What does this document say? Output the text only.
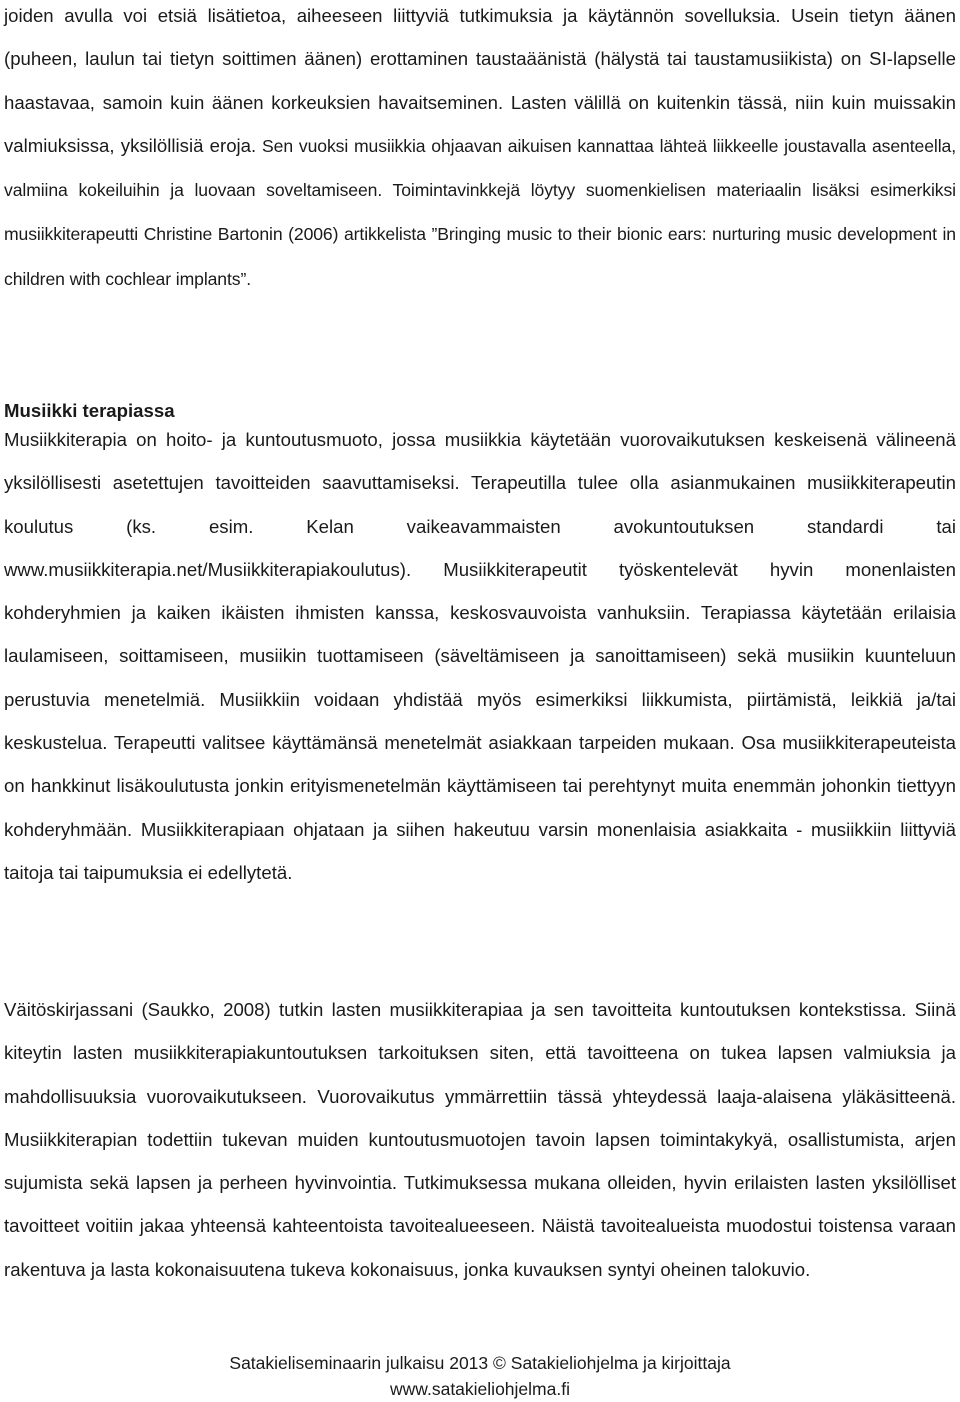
joiden avulla voi etsiä lisätietoa, aiheeseen liittyviä tutkimuksia ja käytännön sovelluksia. Usein tietyn äänen (puheen, laulun tai tietyn soittimen äänen) erottaminen taustaäänistä (hälystä tai taustamusiikista) on SI-lapselle haastavaa, samoin kuin äänen korkeuksien havaitseminen. Lasten välillä on kuitenkin tässä, niin kuin muissakin valmiuksissa, yksilöllisiä eroja. Sen vuoksi musiikkia ohjaavan aikuisen kannattaa lähteä liikkeelle joustavalla asenteella, valmiina kokeiluihin ja luovaan soveltamiseen. Toimintavinkkejä löytyy suomenkielisen materiaalin lisäksi esimerkiksi musiikkiterapeutti Christine Bartonin (2006) artikkelista ”Bringing music to their bionic ears: nurturing music development in children with cochlear implants”.

Musiikki terapiassa

Musiikkiterapia on hoito- ja kuntoutusmuoto, jossa musiikkia käytetään vuorovaikutuksen keskeisenä välineenä yksilöllisesti asetettujen tavoitteiden saavuttamiseksi. Terapeutilla tulee olla asianmukainen musiikkiterapeutin koulutus (ks. esim. Kelan vaikeavammaisten avokuntoutuksen standardi tai www.musiikkiterapia.net/Musiikkiterapiakoulutus). Musiikkiterapeutit työskentelevät hyvin monenlaisten kohderyhmien ja kaiken ikäisten ihmisten kanssa, keskosvauvoista vanhuksiin. Terapiassa käytetään erilaisia laulamiseen, soittamiseen, musiikin tuottamiseen (säveltämiseen ja sanoittamiseen) sekä musiikin kuunteluun perustuvia menetelmiä. Musiikkiin voidaan yhdistää myös esimerkiksi liikkumista, piirtämistä, leikkiä ja/tai keskustelua. Terapeutti valitsee käyttämänsä menetelmät asiakkaan tarpeiden mukaan. Osa musiikkiterapeuteista on hankkinut lisäkoulutusta jonkin erityismenetelmän käyttämiseen tai perehtynyt muita enemmän johonkin tiettyyn kohderyhmään. Musiikkiterapiaan ohjataan ja siihen hakeutuu varsin monenlaisia asiakkaita - musiikkiin liittyviä taitoja tai taipumuksia ei edellytetä.

Väitöskirjassani (Saukko, 2008) tutkin lasten musiikkiterapiaa ja sen tavoitteita kuntoutuksen kontekstissa. Siinä kiteytin lasten musiikkiterapiakuntoutuksen tarkoituksen siten, että tavoitteena on tukea lapsen valmiuksia ja mahdollisuuksia vuorovaikutukseen. Vuorovaikutus ymmärrettiin tässä yhteydessä laaja-alaisena yläkäsitteenä. Musiikkiterapian todettiin tukevan muiden kuntoutusmuotojen tavoin lapsen toimintakykyä, osallistumista, arjen sujumista sekä lapsen ja perheen hyvinvointia. Tutkimuksessa mukana olleiden, hyvin erilaisten lasten yksilölliset tavoitteet voitiin jakaa yhteensä kahteentoista tavoitealueeseen. Näistä tavoitealueista muodostui toistensa varaan rakentuva ja lasta kokonaisuutena tukeva kokonaisuus, jonka kuvauksen syntyi oheinen talokuvio.

Satakieliseminaarin julkaisu 2013 © Satakieliohjelma ja kirjoittaja
www.satakieliohjelma.fi
